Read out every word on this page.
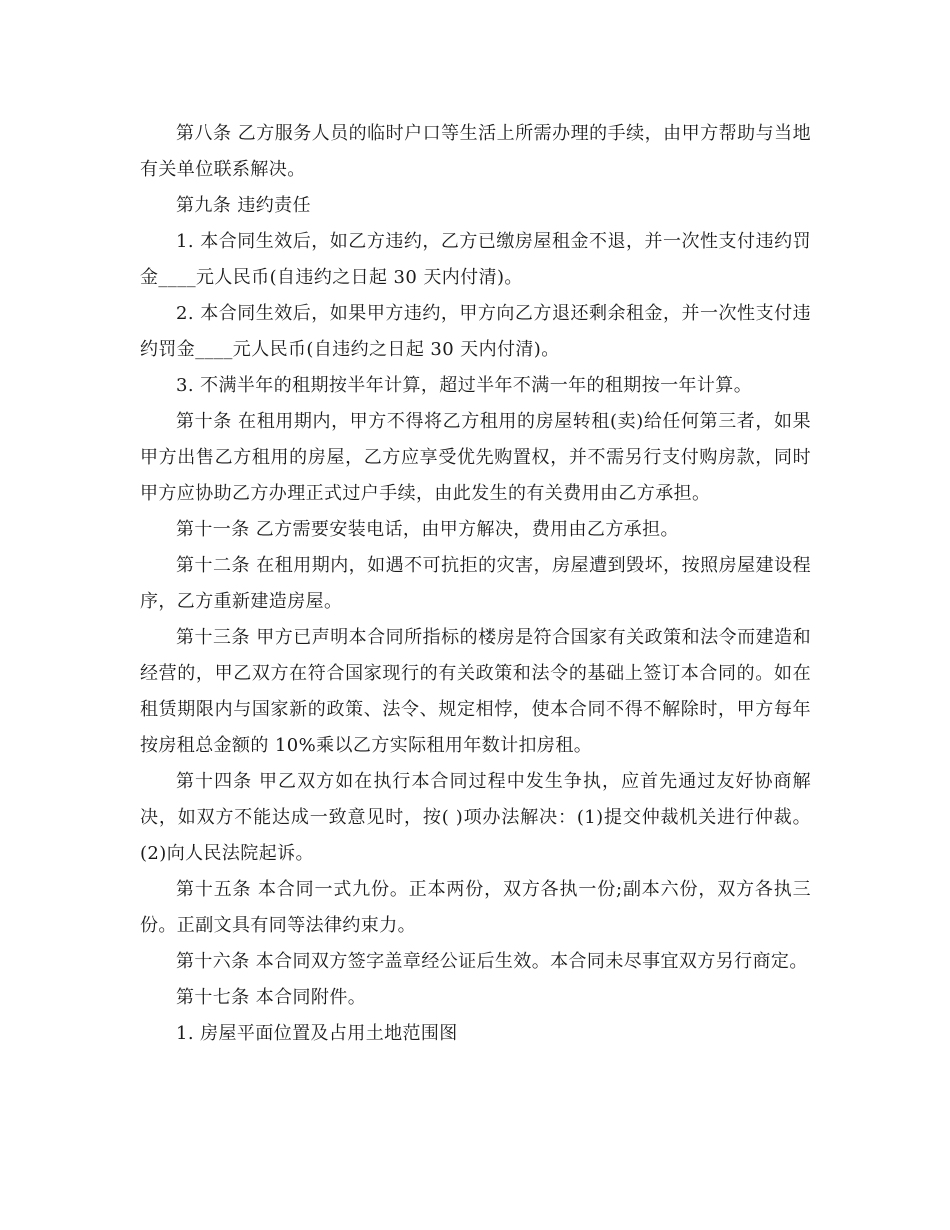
第八条 乙方服务人员的临时户口等生活上所需办理的手续，由甲方帮助与当地有关单位联系解决。

第九条 违约责任

1. 本合同生效后，如乙方违约，乙方已缴房屋租金不退，并一次性支付违约罚金____元人民币(自违约之日起 30 天内付清)。

2. 本合同生效后，如果甲方违约，甲方向乙方退还剩余租金，并一次性支付违约罚金____元人民币(自违约之日起 30 天内付清)。

3. 不满半年的租期按半年计算，超过半年不满一年的租期按一年计算。

第十条 在租用期内，甲方不得将乙方租用的房屋转租(卖)给任何第三者，如果甲方出售乙方租用的房屋，乙方应享受优先购置权，并不需另行支付购房款，同时甲方应协助乙方办理正式过户手续，由此发生的有关费用由乙方承担。

第十一条 乙方需要安装电话，由甲方解决，费用由乙方承担。

第十二条 在租用期内，如遇不可抗拒的灾害，房屋遭到毁坏，按照房屋建设程序，乙方重新建造房屋。

第十三条 甲方已声明本合同所指标的楼房是符合国家有关政策和法令而建造和经营的，甲乙双方在符合国家现行的有关政策和法令的基础上签订本合同的。如在租赁期限内与国家新的政策、法令、规定相悖，使本合同不得不解除时，甲方每年按房租总金额的 10%乘以乙方实际租用年数计扣房租。

第十四条 甲乙双方如在执行本合同过程中发生争执，应首先通过友好协商解决，如双方不能达成一致意见时，按( )项办法解决：(1)提交仲裁机关进行仲裁。(2)向人民法院起诉。

第十五条 本合同一式九份。正本两份，双方各执一份;副本六份，双方各执三份。正副文具有同等法律约束力。

第十六条 本合同双方签字盖章经公证后生效。本合同未尽事宜双方另行商定。

第十七条 本合同附件。

1. 房屋平面位置及占用土地范围图
